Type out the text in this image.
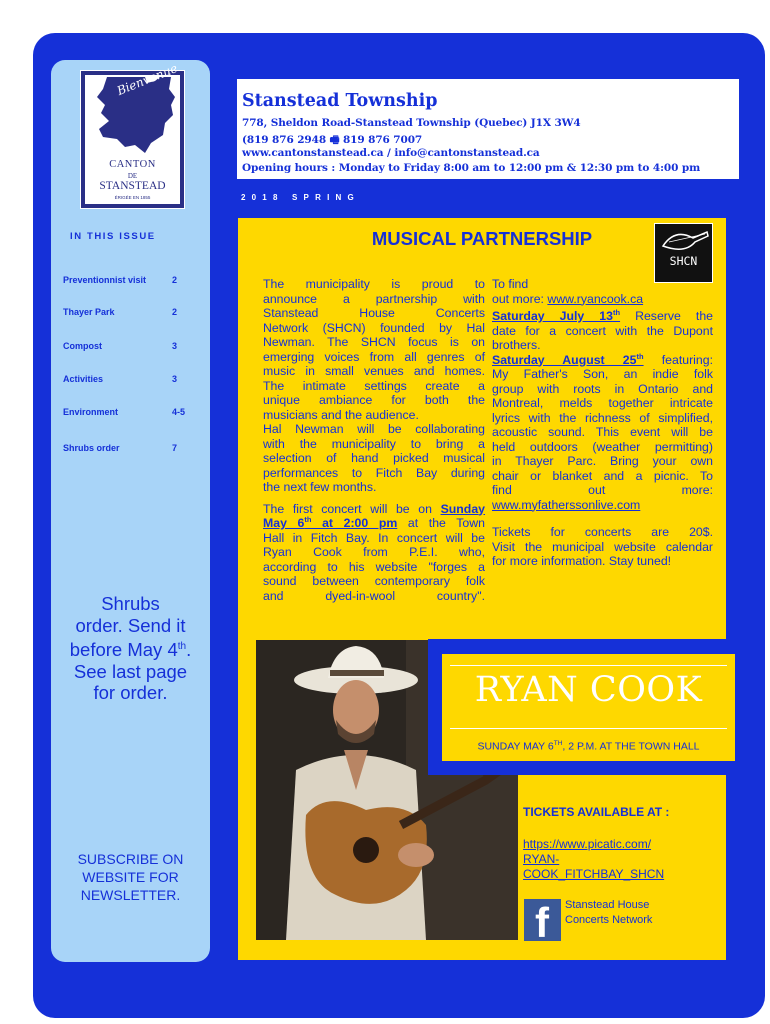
Bienvenue
CANTON
DE
STANSTEAD
ÉRIGÉE EN 1855
IN THIS ISSUE
Preventionnist visit	2
Thayer Park	2
Compost	3
Activities	3
Environment	4-5
Shrubs order	7
Shrubs
order. Send it
before May 4th.
See last page
for order.
SUBSCRIBE ON
WEBSITE FOR
NEWSLETTER.
Stanstead Township
778, Sheldon Road-Stanstead Township (Quebec) J1X 3W4
(819 876 2948 🖷 819 876 7007
www.cantonstanstead.ca / info@cantonstanstead.ca
Opening hours : Monday to Friday 8:00 am to 12:00 pm & 12:30 pm to 4:00 pm
2018 SPRING
MUSICAL PARTNERSHIP
SHCN

The municipality is proud to

announce a partnership with

Stanstead House Concerts

Network (SHCN) founded by Hal

Newman. The SHCN focus is on

emerging voices from all genres of

music in small venues and homes.

The intimate settings create a

unique ambiance for both the

musicians and the audience.

Hal Newman will be collaborating

with the municipality to bring a

selection of hand picked musical

performances to Fitch Bay during

the next few months.

The first concert will be on Sunday

May 6th at 2:00 pm at the Town

Hall in Fitch Bay. In concert will be

Ryan Cook from P.E.I. who,

according to his website "forges a

sound between contemporary folk

and dyed-in-wool country".

To find

out more: www.ryancook.ca

Saturday July 13th Reserve the

date for a concert with the Dupont

brothers.

Saturday August 25th featuring:

My Father's Son, an indie folk

group with roots in Ontario and

Montreal, melds together intricate

lyrics with the richness of simplified,

acoustic sound. This event will be

held outdoors (weather permitting)

in Thayer Parc. Bring your own

chair or blanket and a picnic. To

find out more:

www.myfatherssonlive.com

Tickets for concerts are 20$.

Visit the municipal website calendar

for more information. Stay tuned!

RYAN COOK
SUNDAY MAY 6TH, 2 P.M. AT THE TOWN HALL
TICKETS AVAILABLE AT :
https://www.picatic.com/
RYAN-
COOK_FITCHBAY_SHCN
f Stanstead House
Concerts Network
